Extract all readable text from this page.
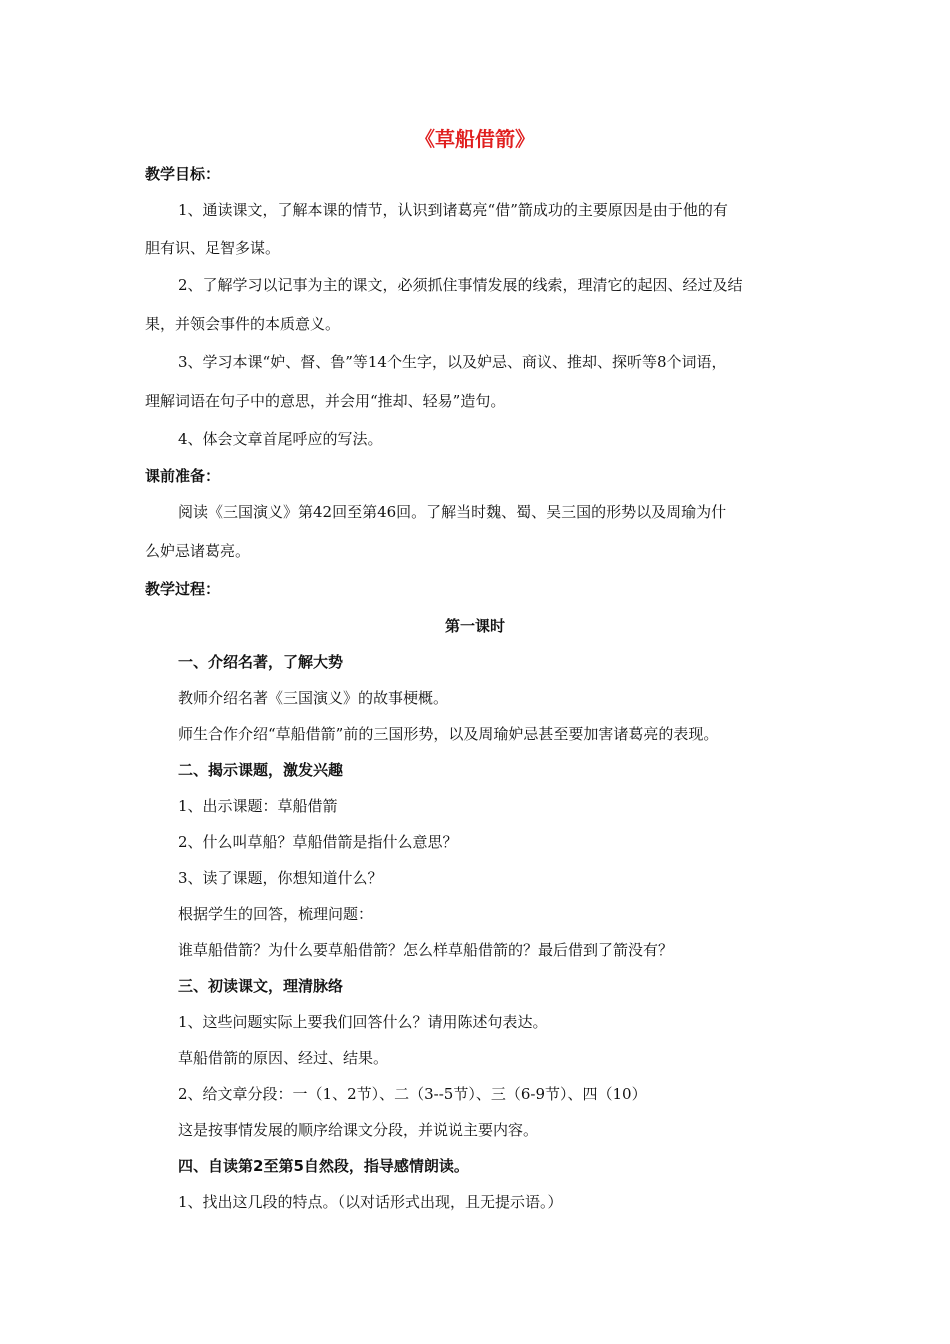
《草船借箭》
教学目标：
1、通读课文，了解本课的情节，认识到诸葛亮“借”箭成功的主要原因是由于他的有
胆有识、足智多谋。
2、了解学习以记事为主的课文，必须抓住事情发展的线索，理清它的起因、经过及结
果，并领会事件的本质意义。
3、学习本课“妒、督、鲁”等14个生字，以及妒忌、商议、推却、探听等8个词语，
理解词语在句子中的意思，并会用“推却、轻易”造句。
4、体会文章首尾呼应的写法。
课前准备：
阅读《三国演义》第42回至第46回。了解当时魏、蜀、吴三国的形势以及周瑜为什
么妒忌诸葛亮。
教学过程：
第一课时
一、介绍名著，了解大势
教师介绍名著《三国演义》的故事梗概。
师生合作介绍“草船借箭”前的三国形势，以及周瑜妒忌甚至要加害诸葛亮的表现。
二、揭示课题，激发兴趣
1、出示课题：草船借箭
2、什么叫草船？草船借箭是指什么意思？
3、读了课题，你想知道什么？
根据学生的回答，梳理问题：
谁草船借箭？为什么要草船借箭？怎么样草船借箭的？最后借到了箭没有？
三、初读课文，理清脉络
1、这些问题实际上要我们回答什么？请用陈述句表达。
草船借箭的原因、经过、结果。
2、给文章分段：一（1、2节）、二（3--5节）、三（6-9节）、四（10）
这是按事情发展的顺序给课文分段，并说说主要内容。
四、自读第2至第5自然段，指导感情朗读。
1、找出这几段的特点。（以对话形式出现，且无提示语。）
